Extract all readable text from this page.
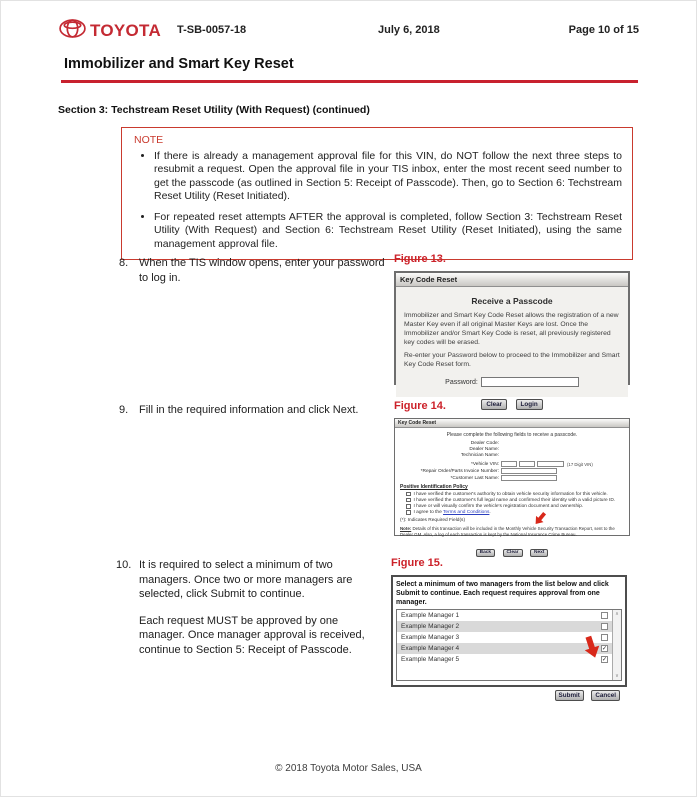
TOYOTA T-SB-0057-18	July 6, 2018	Page 10 of 15
Immobilizer and Smart Key Reset
Section 3: Techstream Reset Utility (With Request) (continued)
NOTE
• If there is already a management approval file for this VIN, do NOT follow the next three steps to resubmit a request. Open the approval file in your TIS inbox, enter the most recent seed number to get the passcode (as outlined in Section 5: Receipt of Passcode). Then, go to Section 6: Techstream Reset Utility (Reset Initiated).
• For repeated reset attempts AFTER the approval is completed, follow Section 3: Techstream Reset Utility (With Request) and Section 6: Techstream Reset Utility (Reset Initiated), using the same management approval file.
8. When the TIS window opens, enter your password to log in.
9. Fill in the required information and click Next.
10. It is required to select a minimum of two managers. Once two or more managers are selected, click Submit to continue.

Each request MUST be approved by one manager. Once manager approval is received, continue to Section 5: Receipt of Passcode.

Figure 13.
Key Code Reset
Receive a Passcode
Immobilizer and Smart Key Code Reset allows the registration of a new Master Key even if all original Master Keys are lost. Once the Immobilizer and/or Smart Key Code is reset, all previously registered key codes will be erased.
Re-enter your Password below to proceed to the Immobilizer and Smart Key Code Reset form.
Password:
Clear	Login
Figure 14.
Key Code Reset
Please complete the following fields to receive a passcode.
Dealer Code:
Dealer Name:
Technician Name:
*Vehicle VIN:	(17 Digit VIN)
*Repair Order/Parts Invoice Number:
*Customer Last Name:
Positive Identification Policy
I have verified the customer's authority to obtain vehicle security information for this vehicle.
I have verified the customer's full legal name and confirmed their identity with a valid picture ID.
I have or will visually confirm the vehicle's registration document and ownership.
I agree to the Terms and Conditions.
(*): Indicates Required Field(s)
Note: Details of this transaction will be included in the Monthly Vehicle Security Transaction Report, sent to the Dealer GM. Also, a log of each transaction is kept by the National Insurance Crime Bureau.
Back	Clear	Next
Figure 15.
Select a minimum of two managers from the list below and click Submit to continue. Each request requires approval from one manager.
Example Manager 1
Example Manager 2
Example Manager 3
Example Manager 4	✓
Example Manager 5	✓
∧
∨
Submit Cancel
© 2018 Toyota Motor Sales, USA
